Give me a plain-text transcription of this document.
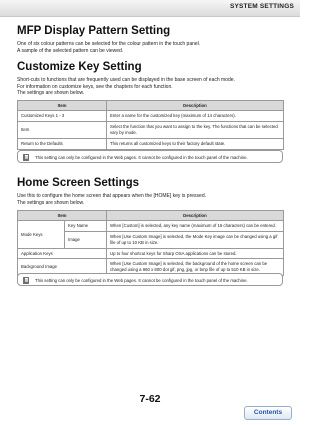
SYSTEM SETTINGS
MFP Display Pattern Setting
One of six colour patterns can be selected for the colour pattern in the touch panel.
A sample of the selected pattern can be viewed.
Customize Key Setting
Short-cuts to functions that are frequently used can be displayed in the base screen of each mode.
For information on customize keys, see the chapters for each function.
The settings are shown below.
Item	Description
Customized Keys 1 - 3	Enter a name for the customized key (maximum of 14 characters).
Item	Select the function that you want to assign to the key. The functions that can be selected vary by mode.
Return to the Defaults	This returns all customized keys to their factory default state.
This setting can only be configured in the Web pages. It cannot be configured in the touch panel of the machine.
Home Screen Settings
Use this to configure the home screen that appears when the [HOME] key is pressed.
The settings are shown below.
Item		Description
Mode Keys	Key Name	When [Custom] is selected, any key name (maximum of 16 characters) can be entered.
	Image	When [Use Custom Image] is selected, the Mode Key image can be changed using a gif file of up to 10 KB in size.
Application Keys		Up to four shortcut keys for Sharp OSA applications can be stored.
Background Image		When [Use Custom Image] is selected, the background of the home screen can be changed using a 960 x 800 dot gif, png, jpg, or bmp file of up to 510 KB in size.
This setting can only be configured in the Web pages. It cannot be configured in the touch panel of the machine.
7-62
Contents
